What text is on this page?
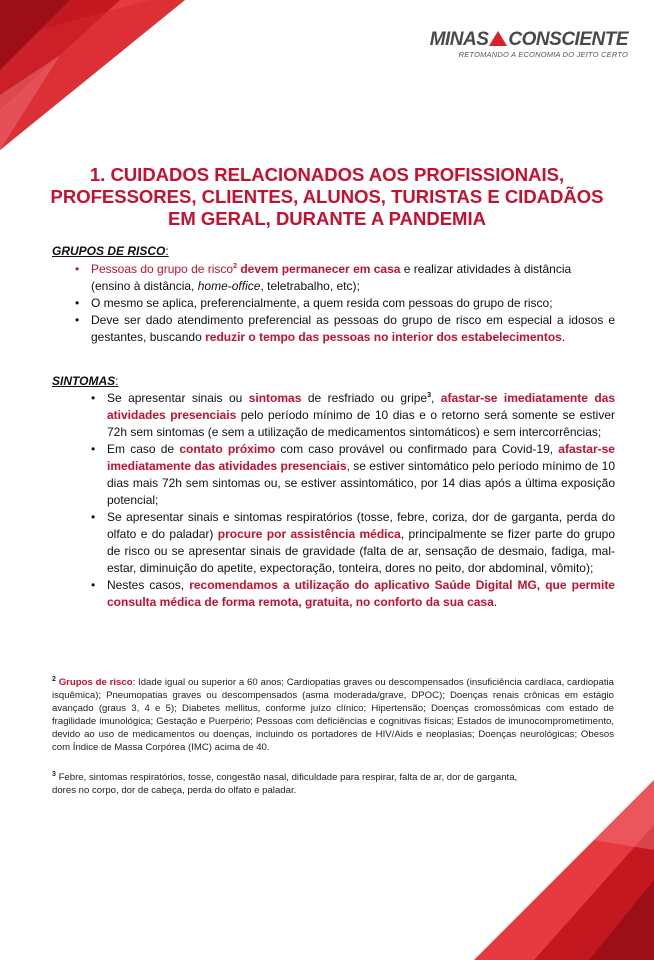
MINAS CONSCIENTE
RETOMANDO A ECONOMIA DO JEITO CERTO
1. CUIDADOS RELACIONADOS AOS PROFISSIONAIS,
PROFESSORES, CLIENTES, ALUNOS, TURISTAS E CIDADÃOS
EM GERAL, DURANTE A PANDEMIA
GRUPOS DE RISCO:
• Pessoas do grupo de risco$^2$ devem permanecer em casa e realizar atividades à distância
(ensino à distância, home-office, teletrabalho, etc);
• O mesmo se aplica, preferencialmente, a quem resida com pessoas do grupo de risco;
• Deve ser dado atendimento preferencial as pessoas do grupo de risco em especial a idosos e gestantes, buscando reduzir o tempo das pessoas no interior dos estabelecimentos.
SINTOMAS:
• Se apresentar sinais ou sintomas de resfriado ou gripe$^3$, afastar-se imediatamente das atividades presenciais pelo período mínimo de 10 dias e o retorno será somente se estiver 72h sem sintomas (e sem a utilização de medicamentos sintomáticos) e sem intercorrências;
• Em caso de contato próximo com caso provável ou confirmado para Covid-19, afastar-se imediatamente das atividades presenciais, se estiver sintomático pelo período mínimo de 10 dias mais 72h sem sintomas ou, se estiver assintomático, por 14 dias após a última exposição potencial;
• Se apresentar sinais e sintomas respiratórios (tosse, febre, coriza, dor de garganta, perda do olfato e do paladar) procure por assistência médica, principalmente se fizer parte do grupo de risco ou se apresentar sinais de gravidade (falta de ar, sensação de desmaio, fadiga, mal-estar, diminuição do apetite, expectoração, tonteira, dores no peito, dor abdominal, vômito);
• Nestes casos, recomendamos a utilização do aplicativo Saúde Digital MG, que permite consulta médica de forma remota, gratuita, no conforto da sua casa.
$^2$ Grupos de risco: Idade igual ou superior a 60 anos; Cardiopatias graves ou descompensados (insuficiência cardíaca, cardiopatia isquêmica); Pneumopatias graves ou descompensados (asma moderada/grave, DPOC); Doenças renais crônicas em estágio avançado (graus 3, 4 e 5); Diabetes mellitus, conforme juízo clínico; Hipertensão; Doenças cromossômicas com estado de fragilidade imunológica; Gestação e Puerpério; Pessoas com deficiências e cognitivas físicas; Estados de imunocomprometimento, devido ao uso de medicamentos ou doenças, incluindo os portadores de HIV/Aids e neoplasias; Doenças neurológicas; Obesos com Índice de Massa Corpórea (IMC) acima de 40.
$^3$ Febre, sintomas respiratórios, tosse, congestão nasal, dificuldade para respirar, falta de ar, dor de garganta,
dores no corpo, dor de cabeça, perda do olfato e paladar.
